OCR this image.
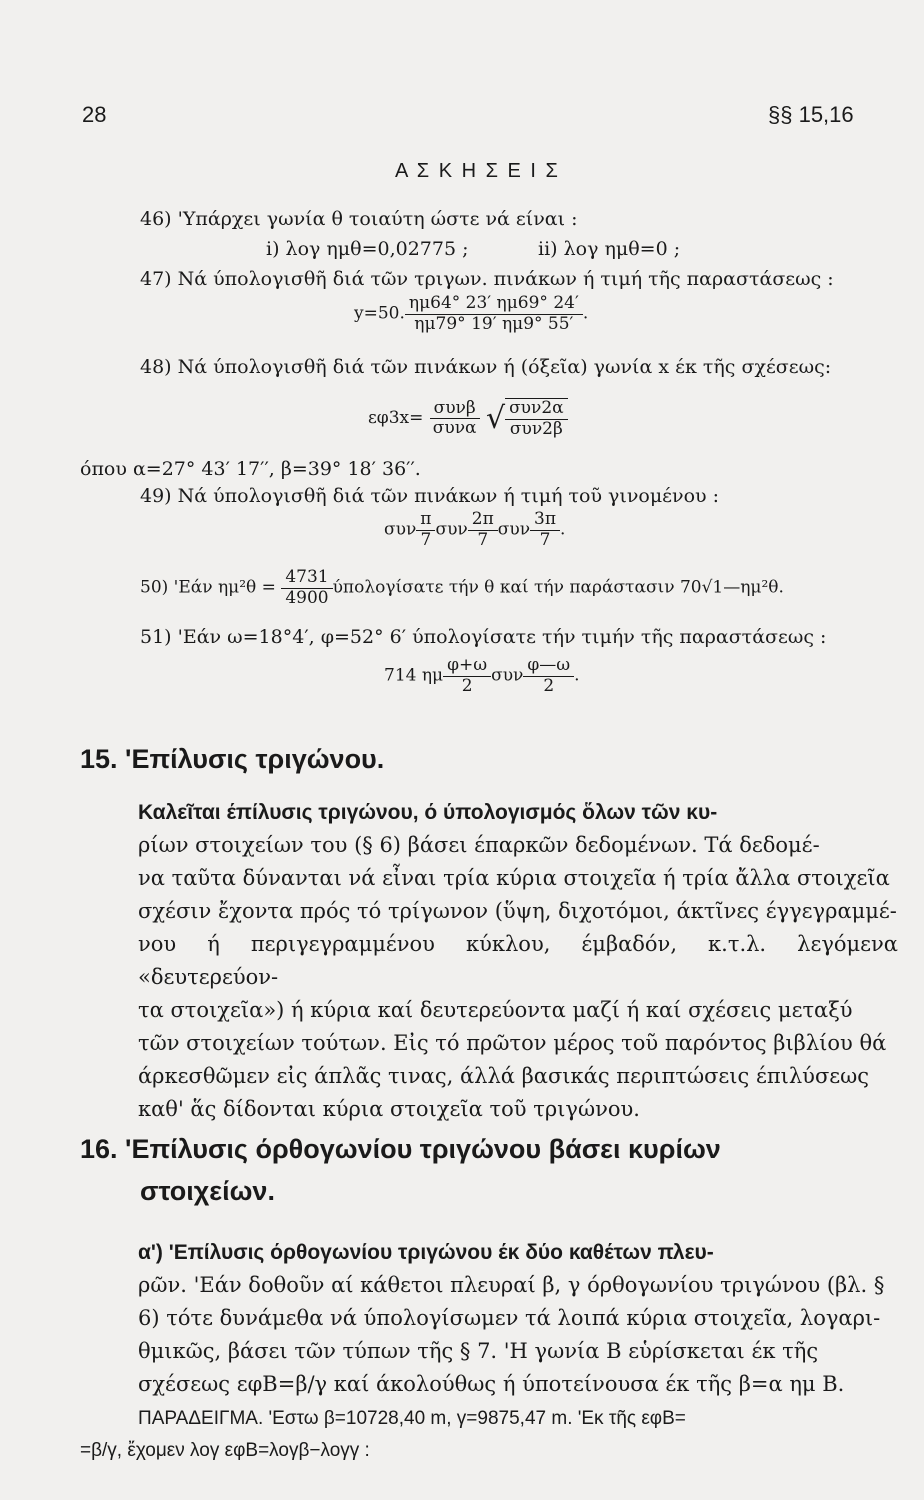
28	§§ 15,16
Α Σ Κ Η Σ Ε Ι Σ
46) 'Υπάρχει γωνία θ τοιαύτη ώστε νά είναι :
i) λογ ημθ=0,02775 ;	ii) λογ ημθ=0 ;
47) Νά ύπολογισθῆ διά τῶν τριγων. πινάκων ή τιμή τῆς παραστάσεως :
y=50. $\frac{\eta\mu 64^\circ 23' \eta\mu 69^\circ 24'}{\eta\mu 79^\circ 19' \eta\mu 9^\circ 55'}$ .
48) Νά ύπολογισθῆ διά τῶν πινάκων ή (όξεῖα) γωνία x έκ τῆς σχέσεως:
$\varepsilon\varphi 3x= \frac{\text{συνβ}}{\text{συνα}}$ √ $\frac{\text{συν2α}}{\text{συν2β}}$
όπου α=27° 43′ 17′′, β=39° 18′ 36′′.
49) Νά ύπολογισθῆ διά τῶν πινάκων ή τιμή τοῦ γινομένου :
συν $\frac{\pi}{7}$ συν $\frac{2\pi}{7}$ συν $\frac{3\pi}{7}$ .
50) 'Εάν $\eta\mu^2\theta = \frac{4731}{4900}$ ύπολογίσατε τήν θ καί τήν παράστασιν 70√1—ημ²θ.
51) 'Εάν ω=18°4′, φ=52° 6′ ύπολογίσατε τήν τιμήν τῆς παραστάσεως :
714 ημ $\frac{\varphi+\omega}{2}$ συν $\frac{\varphi—\omega}{2}$ .
15. 'Επίλυσις τριγώνου.
Καλεῖται έπίλυσις τριγώνου, ό ύπολογισμός ὅλων τῶν κυ-
ρίων στοιχείων του (§ 6) βάσει έπαρκῶν δεδομένων. Τά δεδομέ-
να ταῦτα δύνανται νά εἶναι τρία κύρια στοιχεῖα ή τρία ἄλλα στοιχεῖα
σχέσιν ἔχοντα πρός τό τρίγωνον (ὕψη, διχοτόμοι, άκτῖνες έγγεγραμμέ-
νου ή περιγεγραμμένου κύκλου, έμβαδόν, κ.τ.λ. λεγόμενα «δευτερεύον-
τα στοιχεῖα») ή κύρια καί δευτερεύοντα μαζί ή καί σχέσεις μεταξύ
τῶν στοιχείων τούτων. Εἰς τό πρῶτον μέρος τοῦ παρόντος βιβλίου θά
άρκεσθῶμεν εἰς άπλᾶς τινας, άλλά βασικάς περιπτώσεις έπιλύσεως
καθ' ἅς δίδονται κύρια στοιχεῖα τοῦ τριγώνου.
16. 'Επίλυσις όρθογωνίου τριγώνου βάσει κυρίων
στοιχείων.
α') 'Επίλυσις όρθογωνίου τριγώνου έκ δύο καθέτων πλευ-
ρῶν. 'Εάν δοθοῦν αί κάθετοι πλευραί β, γ όρθογωνίου τριγώνου (βλ. §
6) τότε δυνάμεθα νά ύπολογίσωμεν τά λοιπά κύρια στοιχεῖα, λογαρι-
θμικῶς, βάσει τῶν τύπων τῆς § 7. 'Η γωνία Β εὑρίσκεται έκ τῆς
σχέσεως εφΒ=β/γ καί άκολούθως ή ύποτείνουσα έκ τῆς β=α ημ Β.
ΠΑΡΑΔΕΙΓΜΑ. 'Εστω β=10728,40 m, γ=9875,47 m. 'Εκ τῆς εφΒ=
=β/γ, ἔχομεν λογ εφΒ=λογβ−λογγ :
